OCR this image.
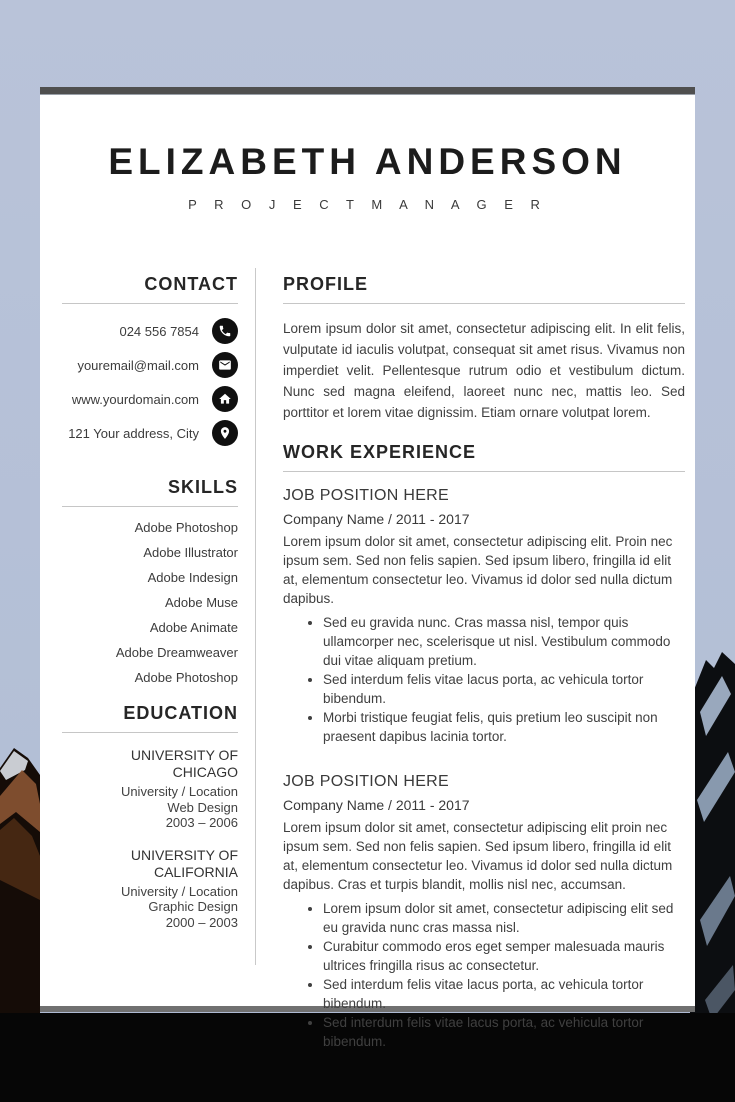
ELIZABETH ANDERSON
P R O J E C T M A N A G E R
CONTACT
024 556 7854
youremail@mail.com
www.yourdomain.com
121 Your address, City
SKILLS
Adobe Photoshop
Adobe Illustrator
Adobe Indesign
Adobe Muse
Adobe Animate
Adobe Dreamweaver
Adobe Photoshop
EDUCATION
UNIVERSITY OF CHICAGO
University / Location
Web Design
2003 – 2006
UNIVERSITY OF CALIFORNIA
University / Location
Graphic Design
2000 – 2003
PROFILE

Lorem ipsum dolor sit amet, consectetur adipiscing elit. In elit felis, vulputate id iaculis volutpat, consequat sit amet risus. Vivamus non imperdiet velit. Pellentesque rutrum odio et vestibulum dictum. Nunc sed magna eleifend, laoreet nunc nec, mattis leo. Sed porttitor et lorem vitae dignissim. Etiam ornare volutpat lorem.

WORK EXPERIENCE
JOB POSITION HERE
Company Name / 2011 - 2017

Lorem ipsum dolor sit amet, consectetur adipiscing elit. Proin nec ipsum sem. Sed non felis sapien. Sed ipsum libero, fringilla id elit at, elementum consectetur leo. Vivamus id dolor sed nulla dictum dapibus.

• Sed eu gravida nunc. Cras massa nisl, tempor quis ullamcorper nec, scelerisque ut nisl. Vestibulum commodo dui vitae aliquam pretium.
• Sed interdum felis vitae lacus porta, ac vehicula tortor bibendum.
• Morbi tristique feugiat felis, quis pretium leo suscipit non praesent dapibus lacinia tortor.
JOB POSITION HERE
Company Name / 2011 - 2017

Lorem ipsum dolor sit amet, consectetur adipiscing elit proin nec ipsum sem. Sed non felis sapien. Sed ipsum libero, fringilla id elit at, elementum consectetur leo. Vivamus id dolor sed nulla dictum dapibus. Cras et turpis blandit, mollis nisl nec, accumsan.

• Lorem ipsum dolor sit amet, consectetur adipiscing elit sed eu gravida nunc cras massa nisl.
• Curabitur commodo eros eget semper malesuada mauris ultrices fringilla risus ac consectetur.
• Sed interdum felis vitae lacus porta, ac vehicula tortor bibendum.
• Sed interdum felis vitae lacus porta, ac vehicula tortor bibendum.
